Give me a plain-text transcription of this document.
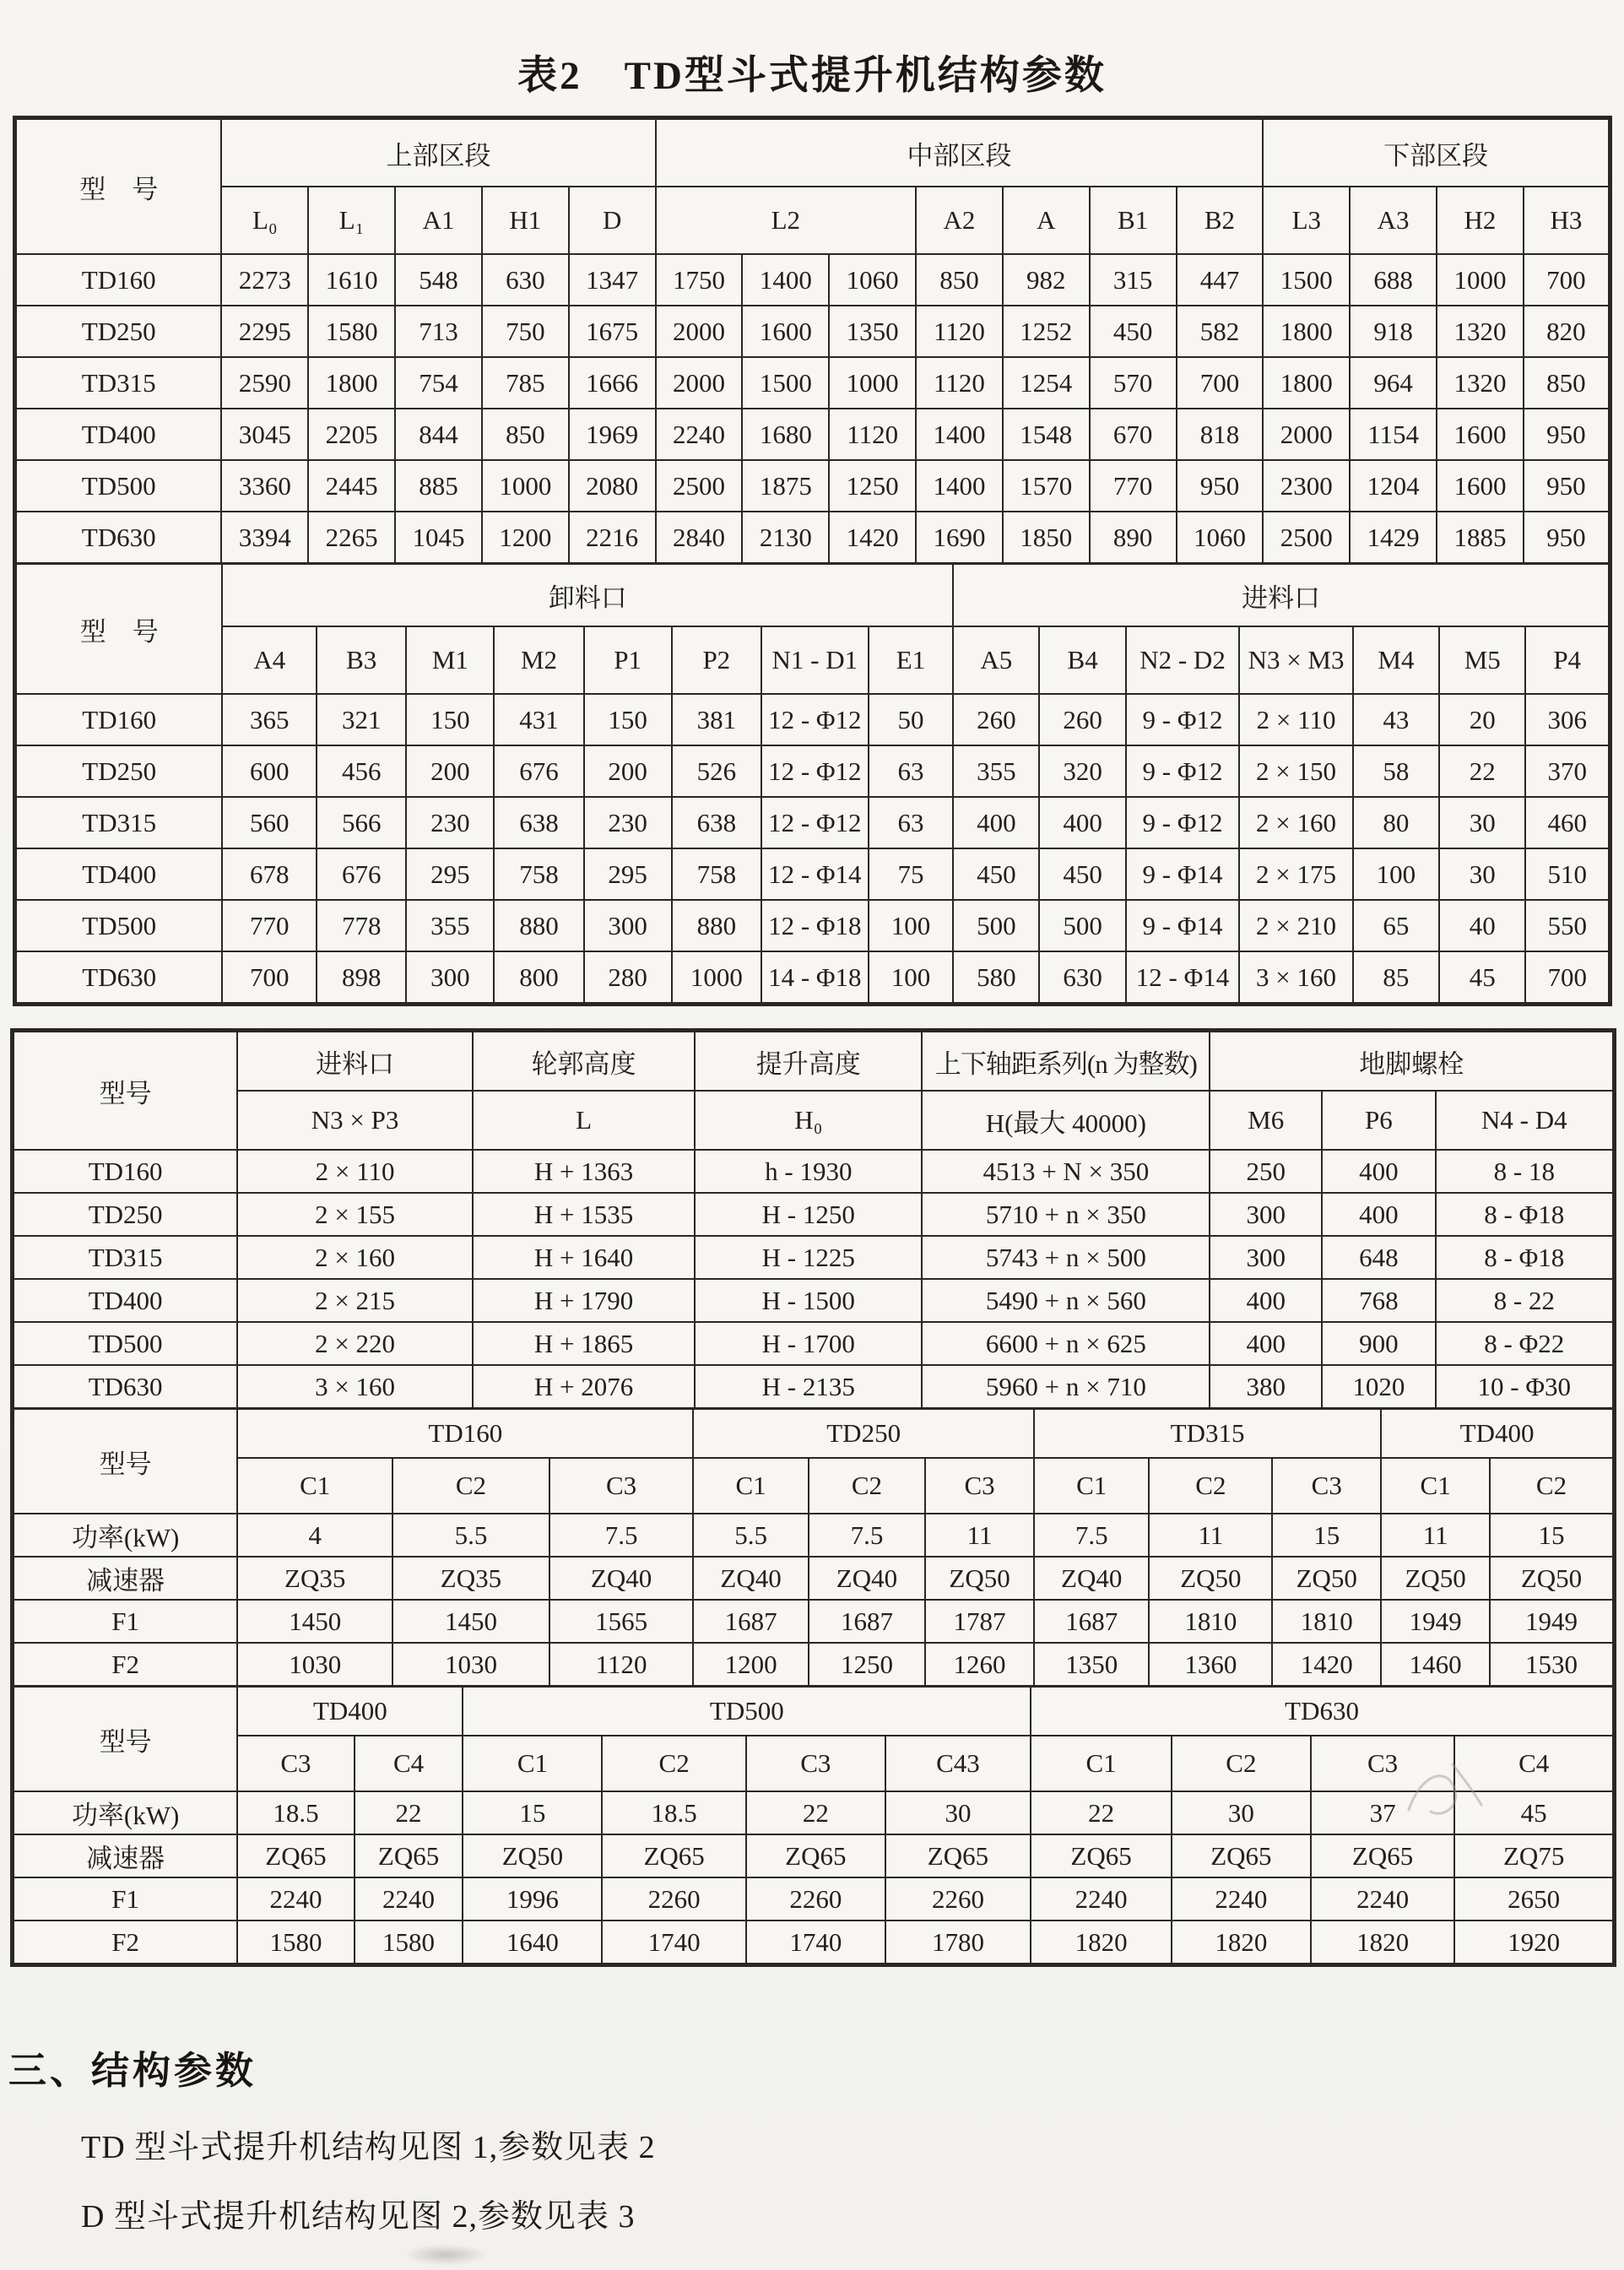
表2　TD型斗式提升机结构参数
型　号	上部区段					中部区段							下部区段			
	L₀	L₁	A1	H1	D	L2			A2	A	B1	B2	L3	A3	H2	H3
TD160	2273	1610	548	630	1347	1750	1400	1060	850	982	315	447	1500	688	1000	700
TD250	2295	1580	713	750	1675	2000	1600	1350	1120	1252	450	582	1800	918	1320	820
TD315	2590	1800	754	785	1666	2000	1500	1000	1120	1254	570	700	1800	964	1320	850
TD400	3045	2205	844	850	1969	2240	1680	1120	1400	1548	670	818	2000	1154	1600	950
TD500	3360	2445	885	1000	2080	2500	1875	1250	1400	1570	770	950	2300	1204	1600	950
TD630	3394	2265	1045	1200	2216	2840	2130	1420	1690	1850	890	1060	2500	1429	1885	950
型　号	卸料口								进料口						
	A4	B3	M1	M2	P1	P2	N1 - D1	E1	A5	B4	N2 - D2	N3 × M3	M4	M5	P4
TD160	365	321	150	431	150	381	12 - Φ12	50	260	260	9 - Φ12	2 × 110	43	20	306
TD250	600	456	200	676	200	526	12 - Φ12	63	355	320	9 - Φ12	2 × 150	58	22	370
TD315	560	566	230	638	230	638	12 - Φ12	63	400	400	9 - Φ12	2 × 160	80	30	460
TD400	678	676	295	758	295	758	12 - Φ14	75	450	450	9 - Φ14	2 × 175	100	30	510
TD500	770	778	355	880	300	880	12 - Φ18	100	500	500	9 - Φ14	2 × 210	65	40	550
TD630	700	898	300	800	280	1000	14 - Φ18	100	580	630	12 - Φ14	3 × 160	85	45	700
型号	进料口	轮郭高度	提升高度	上下轴距系列(n 为整数)	地脚螺栓		
	N3 × P3	L	H₀	H(最大 40000)	M6	P6	N4 - D4
TD160	2 × 110	H + 1363	h - 1930	4513 + N × 350	250	400	8 - 18
TD250	2 × 155	H + 1535	H - 1250	5710 + n × 350	300	400	8 - Φ18
TD315	2 × 160	H + 1640	H - 1225	5743 + n × 500	300	648	8 - Φ18
TD400	2 × 215	H + 1790	H - 1500	5490 + n × 560	400	768	8 - 22
TD500	2 × 220	H + 1865	H - 1700	6600 + n × 625	400	900	8 - Φ22
TD630	3 × 160	H + 2076	H - 2135	5960 + n × 710	380	1020	10 - Φ30
型号	TD160			TD250			TD315			TD400	
	C1	C2	C3	C1	C2	C3	C1	C2	C3	C1	C2
功率(kW)	4	5.5	7.5	5.5	7.5	11	7.5	11	15	11	15
减速器	ZQ35	ZQ35	ZQ40	ZQ40	ZQ40	ZQ50	ZQ40	ZQ50	ZQ50	ZQ50	ZQ50
F1	1450	1450	1565	1687	1687	1787	1687	1810	1810	1949	1949
F2	1030	1030	1120	1200	1250	1260	1350	1360	1420	1460	1530
型号	TD400		TD500				TD630			
	C3	C4	C1	C2	C3	C43	C1	C2	C3	C4
功率(kW)	18.5	22	15	18.5	22	30	22	30	37	45
减速器	ZQ65	ZQ65	ZQ50	ZQ65	ZQ65	ZQ65	ZQ65	ZQ65	ZQ65	ZQ75
F1	2240	2240	1996	2260	2260	2260	2240	2240	2240	2650
F2	1580	1580	1640	1740	1740	1780	1820	1820	1820	1920
三、结构参数
TD 型斗式提升机结构见图 1,参数见表 2
D 型斗式提升机结构见图 2,参数见表 3
